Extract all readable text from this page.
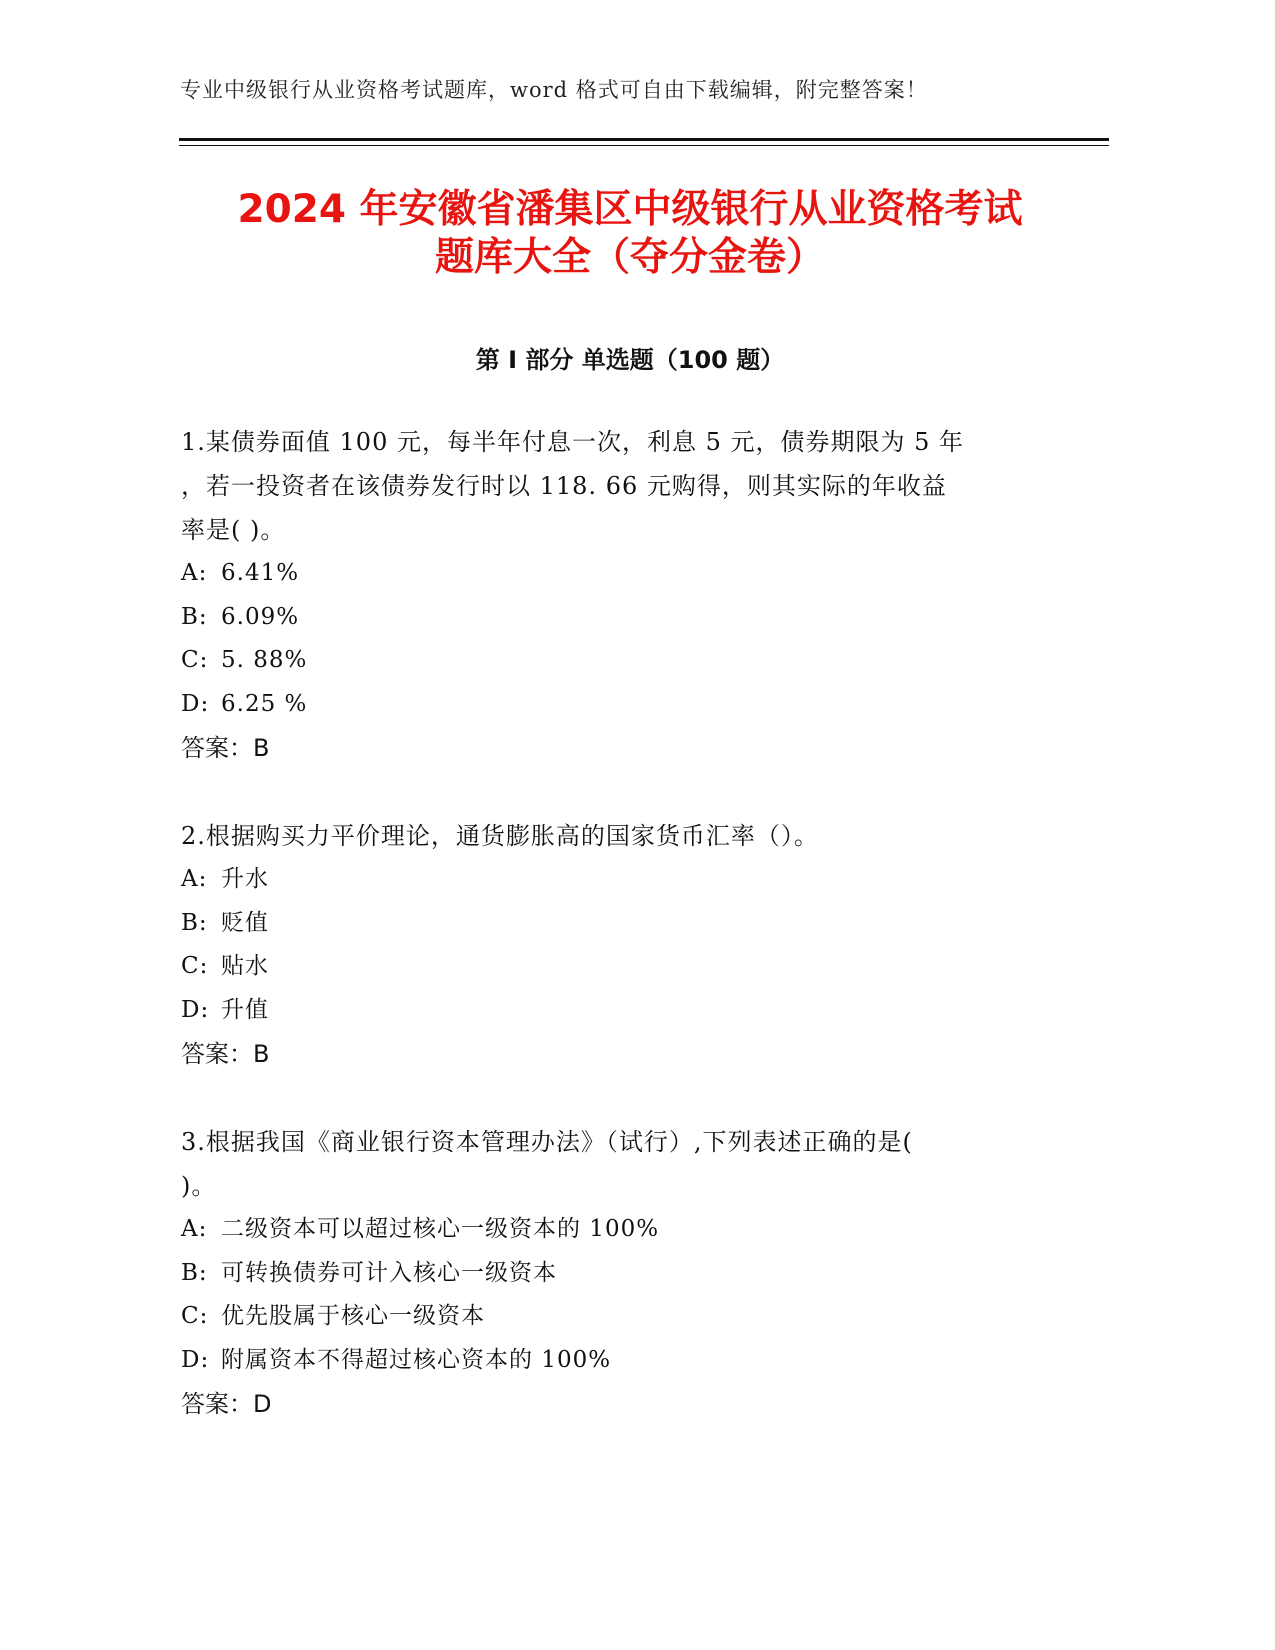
专业中级银行从业资格考试题库，word 格式可自由下载编辑，附完整答案！
2024 年安徽省潘集区中级银行从业资格考试
题库大全（夺分金卷）
第 I 部分 单选题（100 题）

1.某债券面值 100 元，每半年付息一次，利息 5 元，债券期限为 5 年
，若一投资者在该债券发行时以 118. 66 元购得，则其实际的年收益
率是( )。

A: 6.41%

B: 6.09%

C: 5. 88%

D: 6.25 %

答案：B

2.根据购买力平价理论，通货膨胀高的国家货币汇率（）。

A: 升水

B: 贬值

C: 贴水

D: 升值

答案：B

3.根据我国《商业银行资本管理办法》（试行）,下列表述正确的是(
)。

A: 二级资本可以超过核心一级资本的 100%

B: 可转换债券可计入核心一级资本

C: 优先股属于核心一级资本

D: 附属资本不得超过核心资本的 100%

答案：D
